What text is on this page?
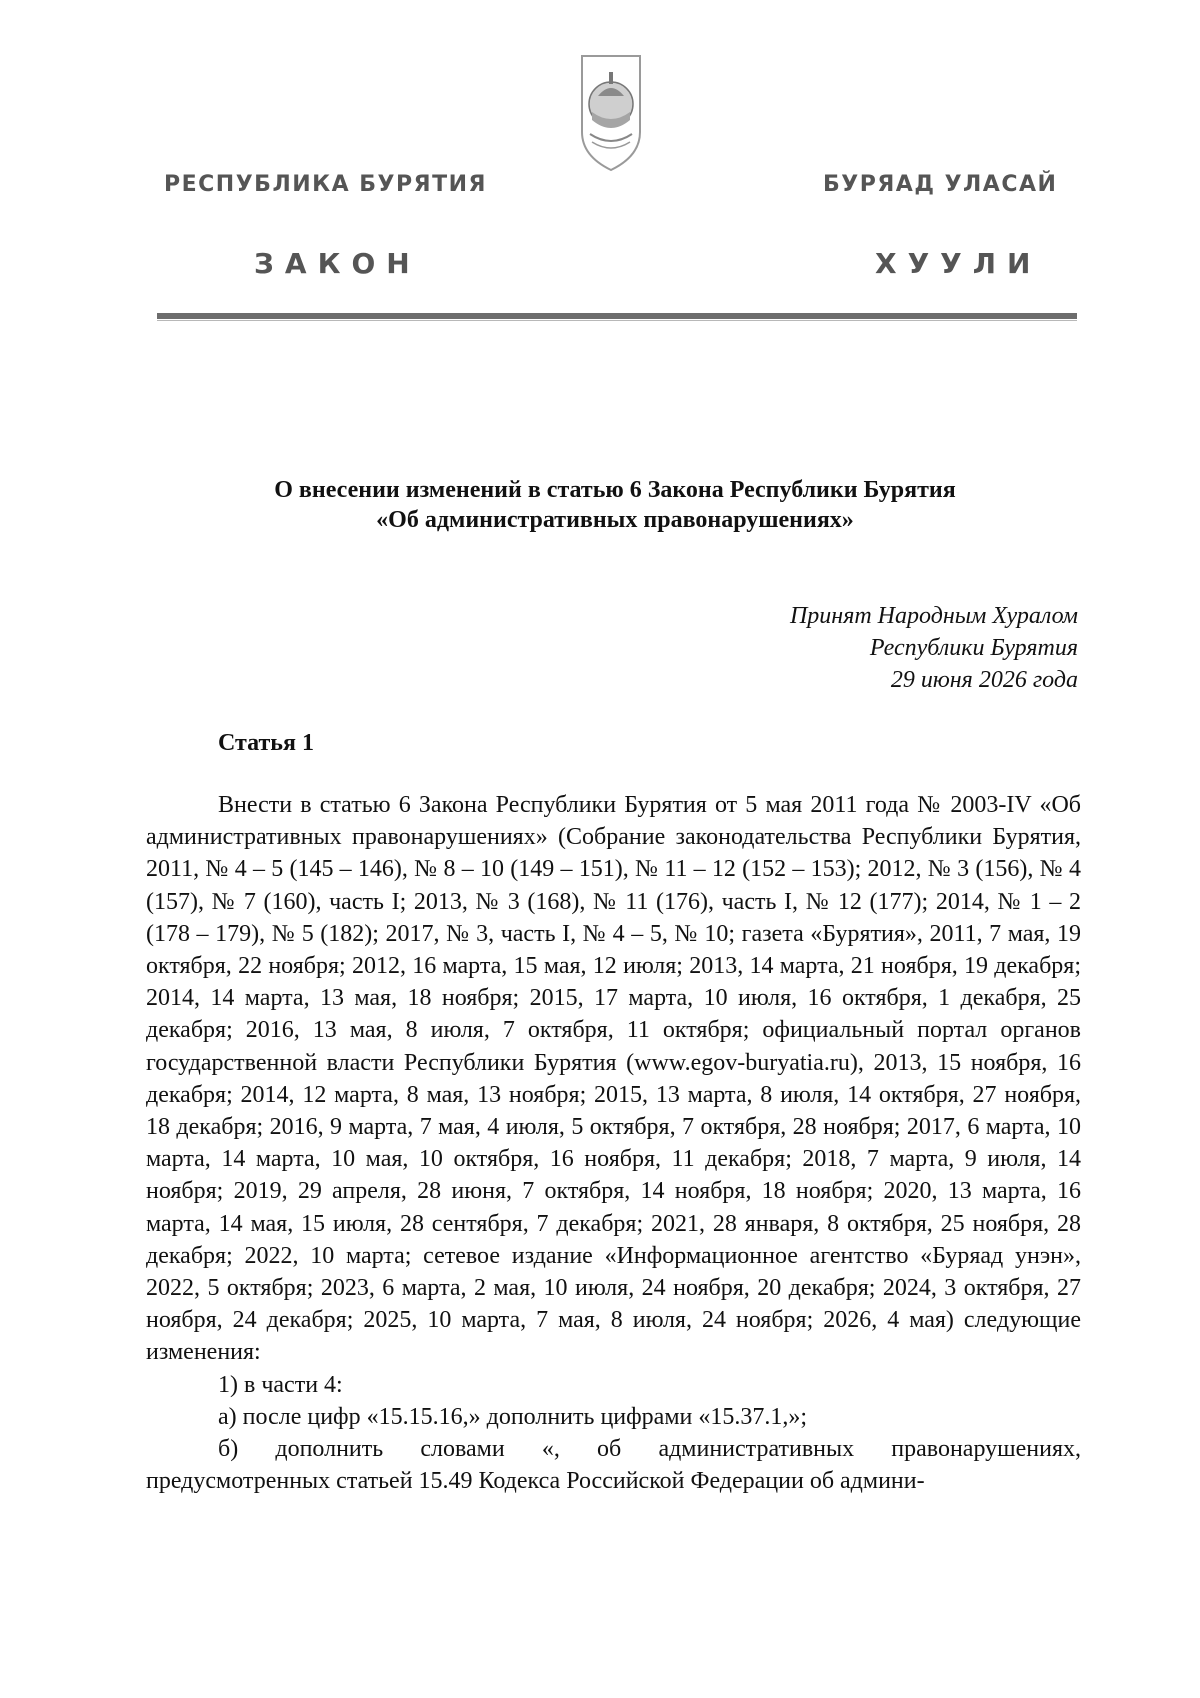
РЕСПУБЛИКА БУРЯТИЯ	БУРЯАД УЛАСАЙ
ЗАКОН	ХУУЛИ
О внесении изменений в статью 6 Закона Республики Бурятия
«Об административных правонарушениях»
Принят Народным Хуралом
Республики Бурятия
29 июня 2026 года
Статья 1

Внести в статью 6 Закона Республики Бурятия от 5 мая 2011 года № 2003-IV «Об административных правонарушениях» (Собрание законодательства Республики Бурятия, 2011, № 4 – 5 (145 – 146), № 8 – 10 (149 – 151), № 11 – 12 (152 – 153); 2012, № 3 (156), № 4 (157), № 7 (160), часть I; 2013, № 3 (168), № 11 (176), часть I, № 12 (177); 2014, № 1 – 2 (178 – 179), № 5 (182); 2017, № 3, часть I, № 4 – 5, № 10; газета «Бурятия», 2011, 7 мая, 19 октября, 22 ноября; 2012, 16 марта, 15 мая, 12 июля; 2013, 14 марта, 21 ноября, 19 декабря; 2014, 14 марта, 13 мая, 18 ноября; 2015, 17 марта, 10 июля, 16 октября, 1 декабря, 25 декабря; 2016, 13 мая, 8 июля, 7 октября, 11 октября; официальный портал органов государственной власти Республики Бурятия (www.egov-buryatia.ru), 2013, 15 ноября, 16 декабря; 2014, 12 марта, 8 мая, 13 ноября; 2015, 13 марта, 8 июля, 14 октября, 27 ноября, 18 декабря; 2016, 9 марта, 7 мая, 4 июля, 5 октября, 7 октября, 28 ноября; 2017, 6 марта, 10 марта, 14 марта, 10 мая, 10 октября, 16 ноября, 11 декабря; 2018, 7 марта, 9 июля, 14 ноября; 2019, 29 апреля, 28 июня, 7 октября, 14 ноября, 18 ноября; 2020, 13 марта, 16 марта, 14 мая, 15 июля, 28 сентября, 7 декабря; 2021, 28 января, 8 октября, 25 ноября, 28 декабря; 2022, 10 марта; сетевое издание «Информационное агентство «Буряад унэн», 2022, 5 октября; 2023, 6 марта, 2 мая, 10 июля, 24 ноября, 20 декабря; 2024, 3 октября, 27 ноября, 24 декабря; 2025, 10 марта, 7 мая, 8 июля, 24 ноября; 2026, 4 мая) следующие изменения:

1) в части 4:

а) после цифр «15.15.16,» дополнить цифрами «15.37.1,»;

б) дополнить словами «, об административных правонарушениях, предусмотренных статьей 15.49 Кодекса Российской Федерации об админи-
